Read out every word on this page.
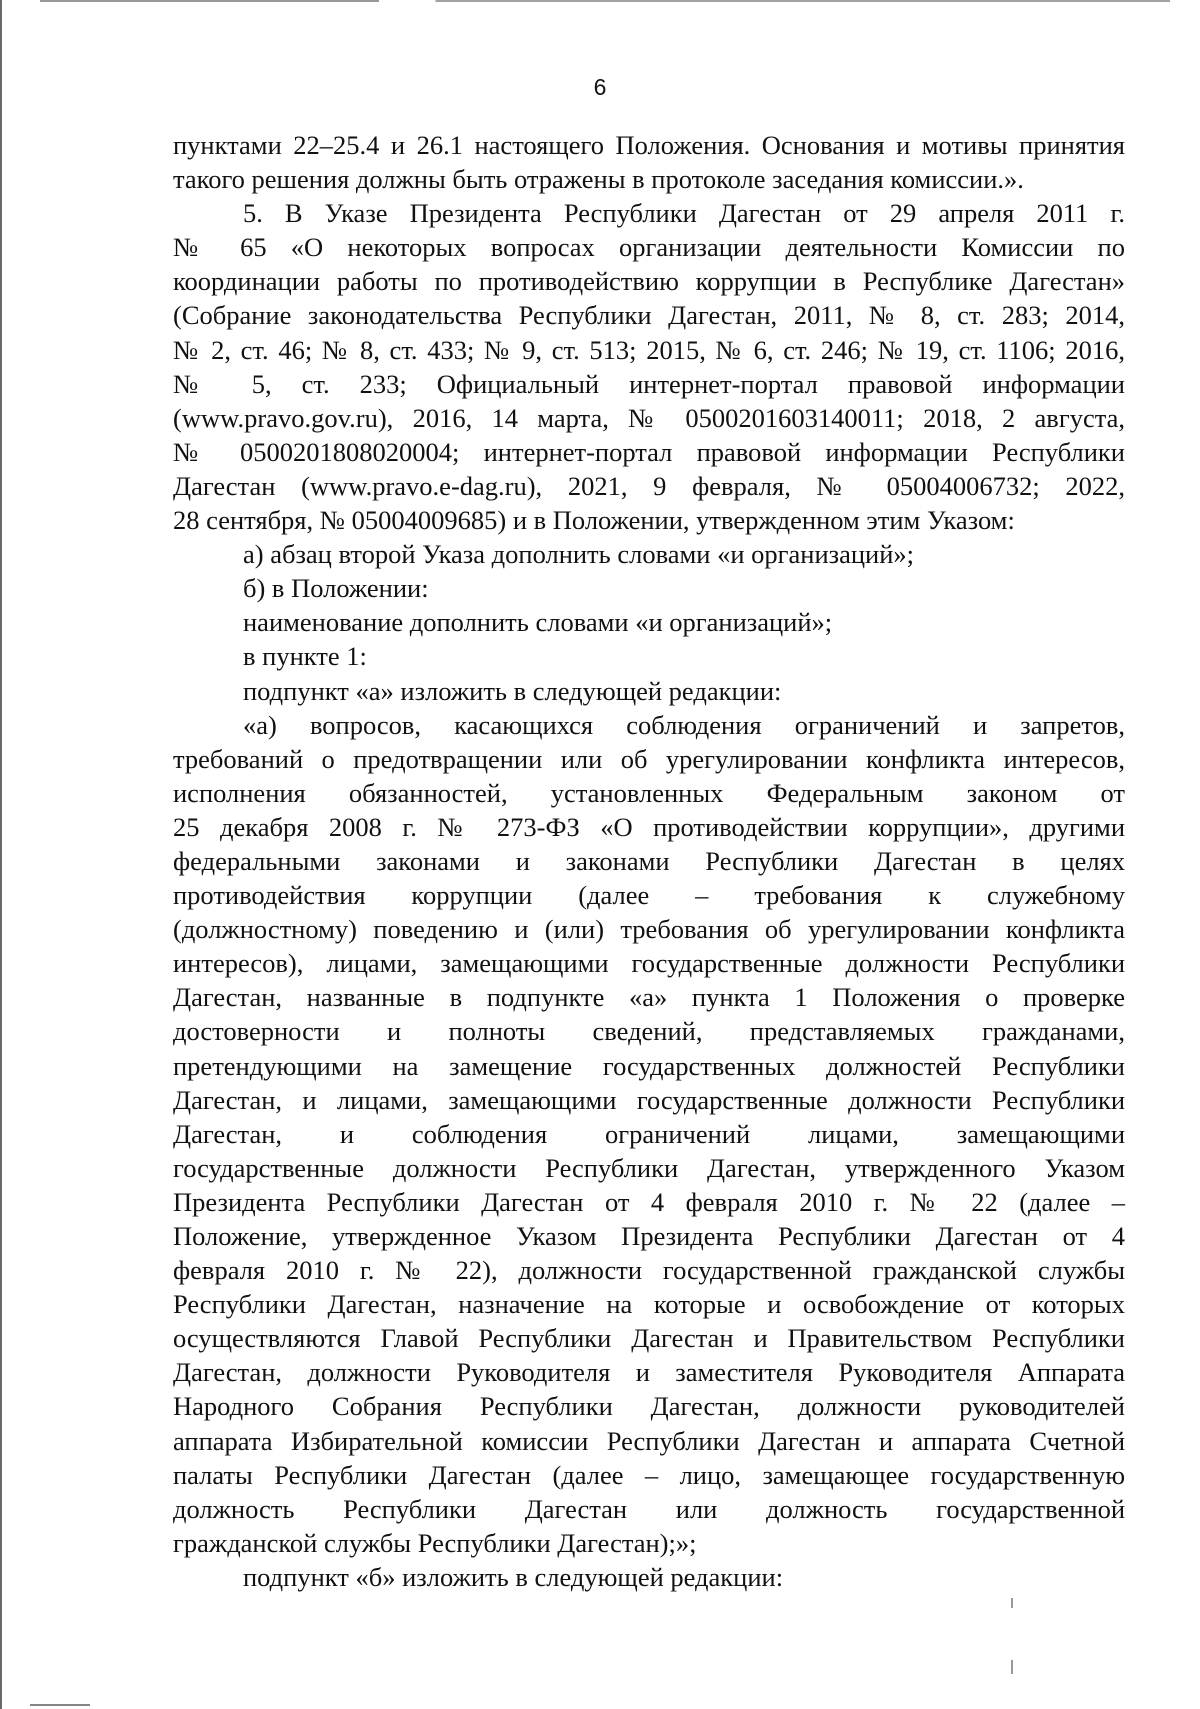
6
пунктами 22–25.4 и 26.1 настоящего Положения. Основания и мотивы принятия
такого решения должны быть отражены в протоколе заседания комиссии.».
5. В Указе Президента Республики Дагестан от 29 апреля 2011 г.
№ 65 «О некоторых вопросах организации деятельности Комиссии по
координации работы по противодействию коррупции в Республике Дагестан»
(Собрание законодательства Республики Дагестан, 2011, № 8, ст. 283; 2014,
№ 2, ст. 46; № 8, ст. 433; № 9, ст. 513; 2015, № 6, ст. 246; № 19, ст. 1106; 2016,
№ 5, ст. 233; Официальный интернет-портал правовой информации
(www.pravo.gov.ru), 2016, 14 марта, № 0500201603140011; 2018, 2 августа,
№ 0500201808020004; интернет-портал правовой информации Республики
Дагестан (www.pravo.e-dag.ru), 2021, 9 февраля, № 05004006732; 2022,
28 сентября, № 05004009685) и в Положении, утвержденном этим Указом:
а) абзац второй Указа дополнить словами «и организаций»;
б) в Положении:
наименование дополнить словами «и организаций»;
в пункте 1:
подпункт «а» изложить в следующей редакции:
«а) вопросов, касающихся соблюдения ограничений и запретов,
требований о предотвращении или об урегулировании конфликта интересов,
исполнения обязанностей, установленных Федеральным законом от
25 декабря 2008 г. № 273-ФЗ «О противодействии коррупции», другими
федеральными законами и законами Республики Дагестан в целях
противодействия коррупции (далее – требования к служебному
(должностному) поведению и (или) требования об урегулировании конфликта
интересов), лицами, замещающими государственные должности Республики
Дагестан, названные в подпункте «а» пункта 1 Положения о проверке
достоверности и полноты сведений, представляемых гражданами,
претендующими на замещение государственных должностей Республики
Дагестан, и лицами, замещающими государственные должности Республики
Дагестан, и соблюдения ограничений лицами, замещающими
государственные должности Республики Дагестан, утвержденного Указом
Президента Республики Дагестан от 4 февраля 2010 г. № 22 (далее –
Положение, утвержденное Указом Президента Республики Дагестан от 4
февраля 2010 г. № 22), должности государственной гражданской службы
Республики Дагестан, назначение на которые и освобождение от которых
осуществляются Главой Республики Дагестан и Правительством Республики
Дагестан, должности Руководителя и заместителя Руководителя Аппарата
Народного Собрания Республики Дагестан, должности руководителей
аппарата Избирательной комиссии Республики Дагестан и аппарата Счетной
палаты Республики Дагестан (далее – лицо, замещающее государственную
должность Республики Дагестан или должность государственной
гражданской службы Республики Дагестан);»;
подпункт «б» изложить в следующей редакции:
